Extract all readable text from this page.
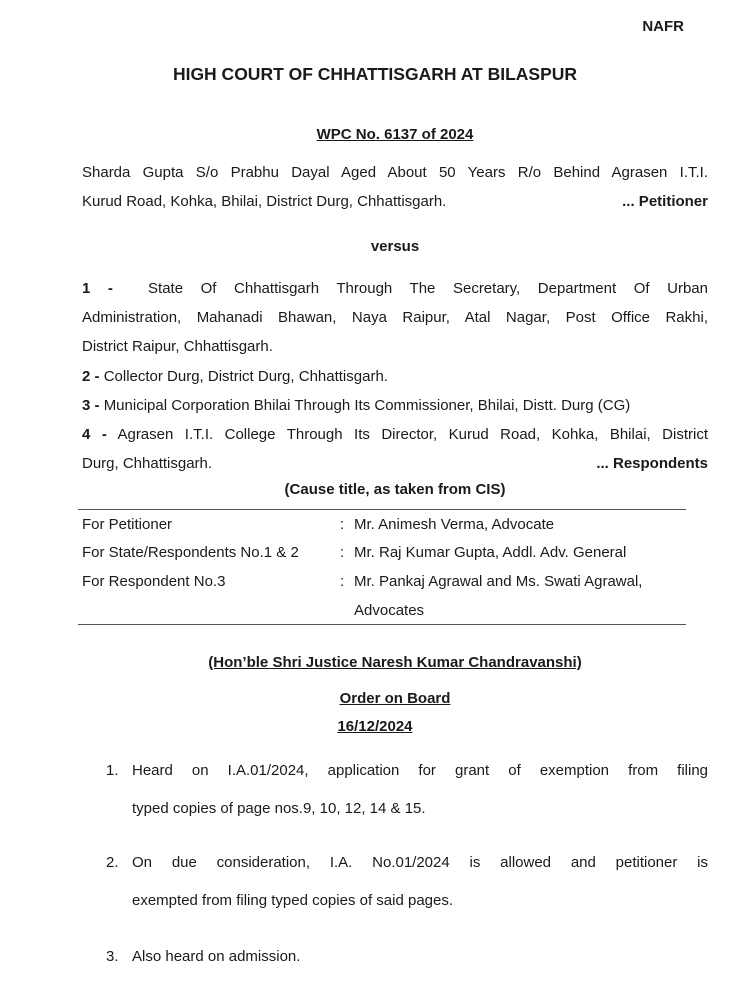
NAFR
HIGH COURT OF CHHATTISGARH AT BILASPUR
WPC No. 6137 of 2024
Sharda Gupta S/o Prabhu Dayal Aged About 50 Years R/o Behind Agrasen I.T.I.
Kurud Road, Kohka, Bhilai, District Durg, Chhattisgarh.	... Petitioner
versus
1 - State Of Chhattisgarh Through The Secretary, Department Of Urban
Administration, Mahanadi Bhawan, Naya Raipur, Atal Nagar, Post Office Rakhi,
District Raipur, Chhattisgarh.
2 - Collector Durg, District Durg, Chhattisgarh.
3 - Municipal Corporation Bhilai Through Its Commissioner, Bhilai, Distt. Durg (CG)
4 - Agrasen I.T.I. College Through Its Director, Kurud Road, Kohka, Bhilai, District
Durg, Chhattisgarh.	... Respondents
(Cause title, as taken from CIS)
For Petitioner	: Mr. Animesh Verma, Advocate
For State/Respondents No.1 & 2	: Mr. Raj Kumar Gupta, Addl. Adv. General
For Respondent No.3	: Mr. Pankaj Agrawal and Ms. Swati Agrawal,
Advocates
(Hon’ble Shri Justice Naresh Kumar Chandravanshi)
Order on Board
16/12/2024
1. Heard on I.A.01/2024, application for grant of exemption from filing
typed copies of page nos.9, 10, 12, 14 & 15.
2. On due consideration, I.A. No.01/2024 is allowed and petitioner is
exempted from filing typed copies of said pages.
3. Also heard on admission.
